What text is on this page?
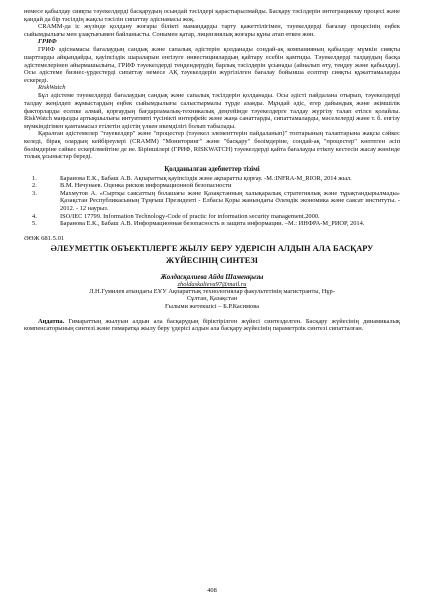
немесе қабылдау сияқты тәуекелдерді басқарудың осындай тәсілдері қарастырылмайды. Басқару тәсілдерін интеграциялау процесі және қандай да бір тәсілдің жақсы тәсілін сипаттау әдіснамасы жоқ.

CRAMM-да іс жүзінде қолдану жоғары білікті мамандарды тарту қажеттілігімен, тәуекелдерді бағалау процесінің еңбек сыйымдылығы мен ұзақтығымен байланысты. Сонымен қатар, лицензиялық жоғары құны атап өткен жөн.

ГРИФ

ГРИФ әдіснамасы бағалаудың сандық және сапалық әдістерін қолданады сондай-ақ компанияның қабылдау мүмкін сияқты шарттарды айқындайды, қауіпсіздік шараларын енгізуге инвестициялардың қайтару есебін қамтиды. Тәуекелдерді талдаудың басқа әдістемелерінен айырмашылығы, ГРИФ тәуекелдерді теңдендерудің барлық тәсілдерін ұсынады (айналып өту, теңдеу және қабылдау). Осы әдістеме бизнес-үрдестерді сипаттау немесе АҚ тәуекелдерін жүргізілген бағалау бойынша есептер сияқты құжаттамаларды ескереді.

RiskWatch

Бұл әдістеме тәуекелдерді бағалаудың сандық және сапалық тәсілдерін қолданады. Осы әдісті пайдалана отырып, тәуекелдерді талдау жеңілдеп жұмыстардың еңбек сыйымдылығы салыстырмалы түрде азаяды. Мұндай әдіс, егер дайындық және әкімшілік факторларды есепке алмай, қорғаудың бағдарламалық-техникалық деңгейінде тәуекелдерге талдау жүргізу талап етілсе қолайлы. RiskWatch маңызды артықшылығы интуитивті түсінікті интерфейс және жаңа санаттарды, сипаттамаларды, мәселелерді және т. б. енгізу мүмкіндігімен қамтамасыз етілетін әдістің үлкен икемділігі болып табылады.

Қаралған әдістемелер "тәуекелдер" және "процестер (тәуекел элементтерін пайдаланып)" топтарының талаптарына жақсы сәйкес келеді, бірақ олардың кейбіреулері (CRAMM) "Мониторинг" және "басқару" бөлімдеріне, сондай-ақ "процестер" көптеген әсіп бөлімдеріне сәйкес ескерілмейтіне де ие. Біріншілері (ГРИФ, RISKWATCH) тәуекелдерді қайта бағалауды етікпу кестесін жасау жөнінде толық ұсыныстар береді.

Қолданылған әдебиеттер тізімі

1.	Баранова Е.К., Бабаш А.В. Ақпараттық қауіпсіздік және ақпаратты қорғау. -М.:INFRA-M_RIOR, 2014 жыл.
2.	В.М. Нечунаев. Оценка рисков информационной безопасности
3.	Махмутов А. «Сыртқы саясаттың болашағы және Қазақстанның халықаралық стратегиялық және тұрақтандырылмады» Қазақстан Республикасының Тұңғыш Президенті - Елбасы Қоры жанындағы Әлемдік экономика және саясат институты. - 2012. - 12 наурыз.
4.	ISO/IEC 17799. Information Technology-Code of practic for information security management.2000.
5.	Баранова Е.К., Бабаш А.В. Информационная безопасность и защита информации. –М.: ИНФРА-М_РИОР, 2014.

ӘӨЖ 681.5.01

ӘЛЕУМЕТТІК ОБЪЕКТІЛЕРГЕ ЖЫЛУ БЕРУ УДЕРІСІН АЛДЫН АЛА БАСҚАРУ

ЖҮЙЕСІНІҢ СИНТЕЗІ

Жолдасқалиева Айда Шаменқызы

zholdaskalieva97@mail.ru

Л.Н.Гумилев атындағы ЕҰУ Ақпараттық технологиялар факультетінің магистранты, Нұр-

Сұлтан, Қазақстан

Ғылыми жетекшісі – Б.Р.Касимова

Аңдатпа. Гимараттың жылуын алдын ала басқарудың біріктірілген жүйесі синтезделген. Басқару жүйесінің динамикалық компенсаторының синтезі және гимаратқа жылу беру үдерісі алдын ала басқару жүйесінің параметрлік синтезі сипатталған.

408
